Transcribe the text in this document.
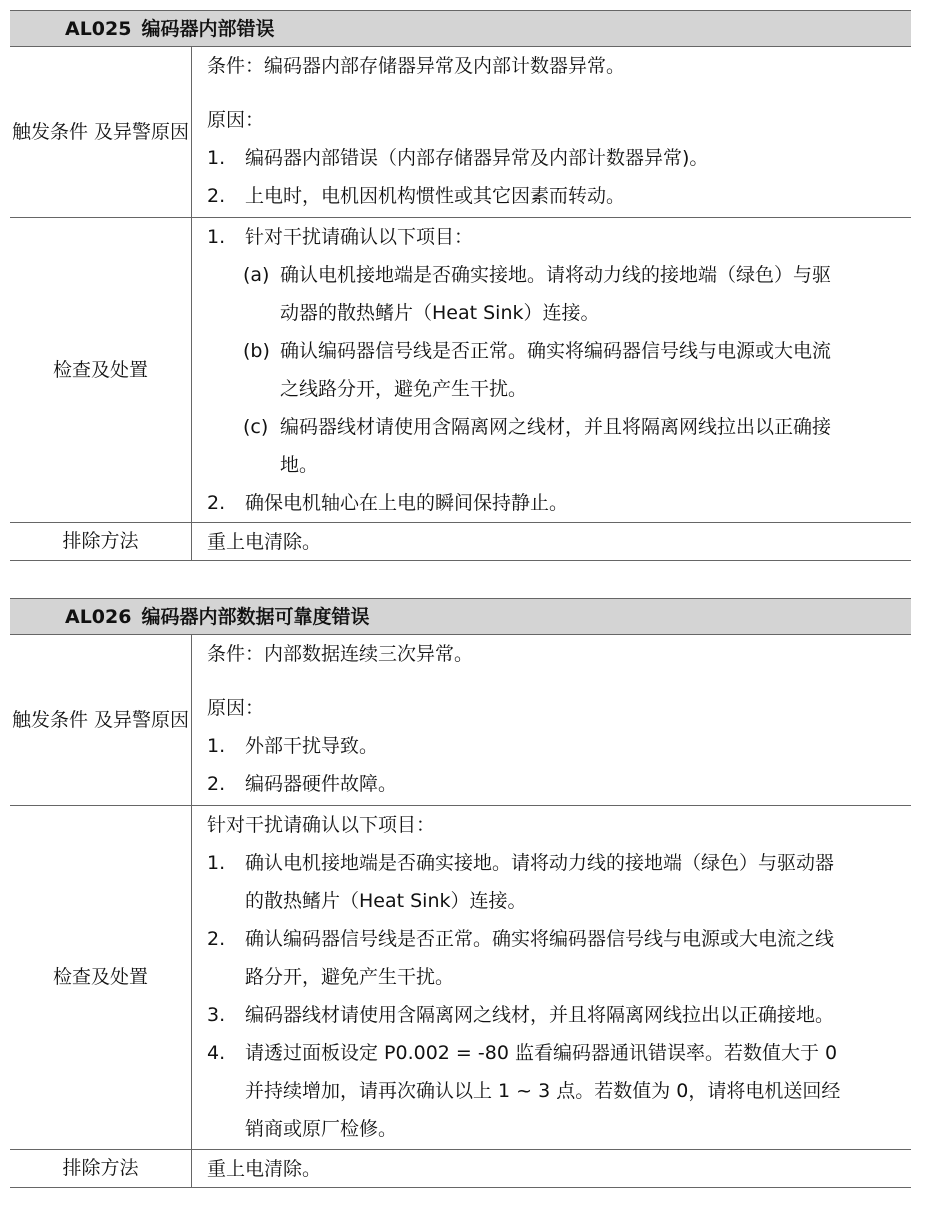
AL025 编码器内部错误
触发条件 及异警原因
条件：编码器内部存储器异常及内部计数器异常。
原因：
1. 编码器内部错误（内部存储器异常及内部计数器异常)。
2. 上电时，电机因机构惯性或其它因素而转动。
检查及处置
1. 针对干扰请确认以下项目：
(a) 确认电机接地端是否确实接地。请将动力线的接地端（绿色）与驱
动器的散热鳍片（Heat Sink）连接。
(b) 确认编码器信号线是否正常。确实将编码器信号线与电源或大电流
之线路分开，避免产生干扰。
(c) 编码器线材请使用含隔离网之线材，并且将隔离网线拉出以正确接
地。
2. 确保电机轴心在上电的瞬间保持静止。
排除方法	重上电清除。
AL026 编码器内部数据可靠度错误
触发条件 及异警原因
条件：内部数据连续三次异常。
原因：
1. 外部干扰导致。
2. 编码器硬件故障。
检查及处置
针对干扰请确认以下项目：
1. 确认电机接地端是否确实接地。请将动力线的接地端（绿色）与驱动器
的散热鳍片（Heat Sink）连接。
2. 确认编码器信号线是否正常。确实将编码器信号线与电源或大电流之线
路分开，避免产生干扰。
3. 编码器线材请使用含隔离网之线材，并且将隔离网线拉出以正确接地。
4. 请透过面板设定 P0.002 = -80 监看编码器通讯错误率。若数值大于 0
并持续增加，请再次确认以上 1 ~ 3 点。若数值为 0，请将电机送回经
销商或原厂检修。
排除方法	重上电清除。
